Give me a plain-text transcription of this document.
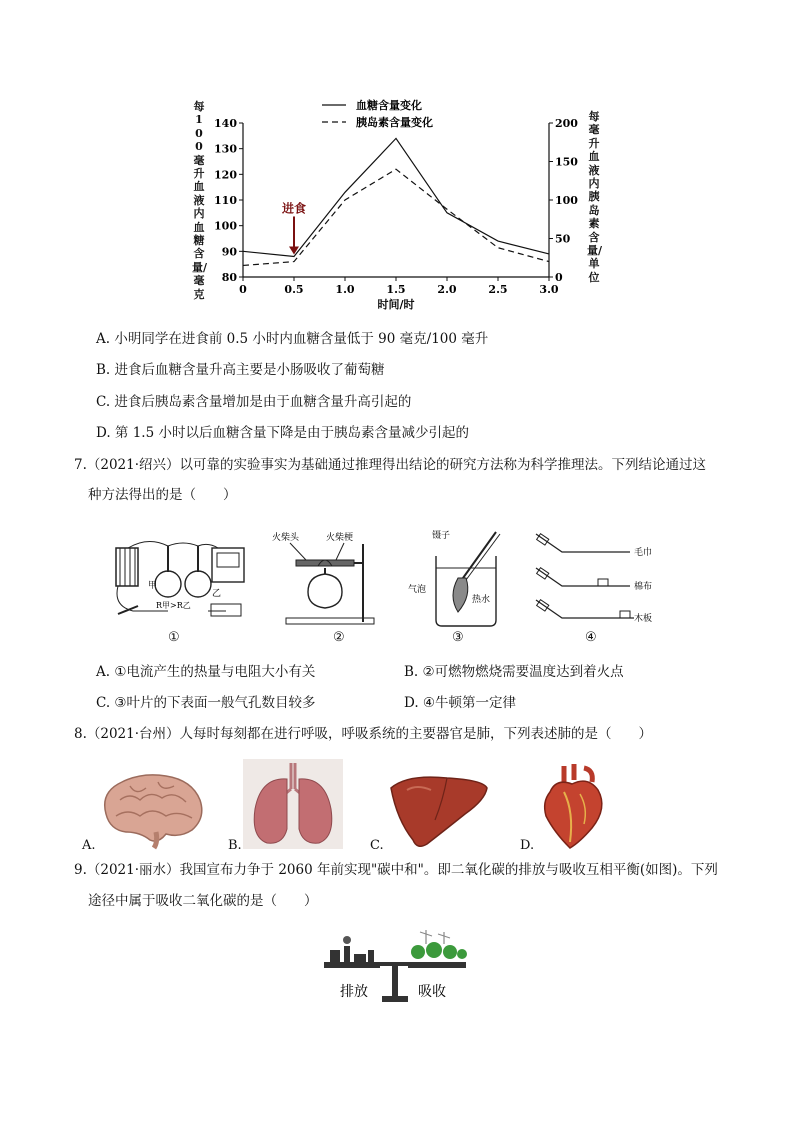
每100毫升血液内血糖含量/毫克
每毫升血液内胰岛素含量/单位
80
90
100
110
120
130
140
0
50
100
150
200
0	0.5	1.0	1.5	2.0	2.5	3.0
时间/时
血糖含量变化
胰岛素含量变化
进食
A. 小明同学在进食前 0.5 小时内血糖含量低于 90 毫克/100 毫升
B. 进食后血糖含量升高主要是小肠吸收了葡萄糖
C. 进食后胰岛素含量增加是由于血糖含量升高引起的
D. 第 1.5 小时以后血糖含量下降是由于胰岛素含量减少引起的
7.（2021·绍兴）以可靠的实验事实为基础通过推理得出结论的研究方法称为科学推理法。下列结论通过这
种方法得出的是（　　）
甲
乙
R甲>R乙
①
火柴头	火柴梗
②
镊子
气泡
热水
③
毛巾
棉布
木板
④
A. ①电流产生的热量与电阻大小有关	B. ②可燃物燃烧需要温度达到着火点
C. ③叶片的下表面一般气孔数目较多	D. ④牛顿第一定律
8.（2021·台州）人每时每刻都在进行呼吸，呼吸系统的主要器官是肺，下列表述肺的是（　　）
A.	B.	C.	D.
9.（2021·丽水）我国宣布力争于 2060 年前实现"碳中和"。即二氧化碳的排放与吸收互相平衡(如图)。下列
途径中属于吸收二氧化碳的是（　　）
排放	吸收
